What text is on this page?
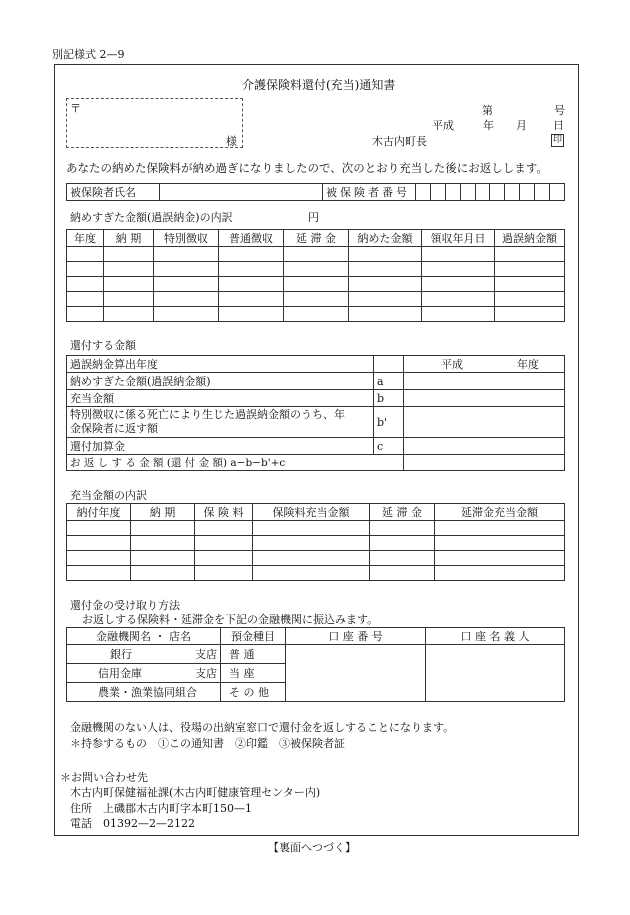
別記様式 2—9
介護保険料還付(充当)通知書
〒
様
第	号
平成	年 月 日
木古内町長	印
あなたの納めた保険料が納め過ぎになりましたので、次のとおり充当した後にお返しします。
被保険者氏名		被保険者番号										
納めすぎた金額(過誤納金)の内訳	円
年度	納 期	特別徴収	普通徴収	延 滞 金	納めた金額	領収年月日	過誤納金額

還付する金額
過誤納金算出年度		平成 年度
納めすぎた金額(過誤納金額)	a	
充当金額	b	

特別徴収に係る死亡により生じた過誤納金額のうち、年
金保険者に返す額	b'	
還付加算金	c	
お 返 し す る 金 額 (還 付 金 額) a−b−b'+c		
充当金額の内訳
納付年度	納 期	保 険 料	保険料充当金額	延 滞 金	延滞金充当金額

還付金の受け取り方法
お返しする保険料・延滞金を下記の金融機関に振込みます。
金融機関名 ・ 店名	預金種目	口 座 番 号	口 座 名 義 人
銀行 支店	普 通		
信用金庫 支店	当 座		
農業・漁業協同組合	そ の 他		
金融機関のない人は、役場の出納室窓口で還付金を返しすることになります。
＊持参するもの　①この通知書　②印鑑　③被保険者証
＊お問い合わせ先
木古内町保健福祉課(木古内町健康管理センター内)
住所　上磯郡木古内町字本町150—1
電話　01392—2—2122
【裏面へつづく】
